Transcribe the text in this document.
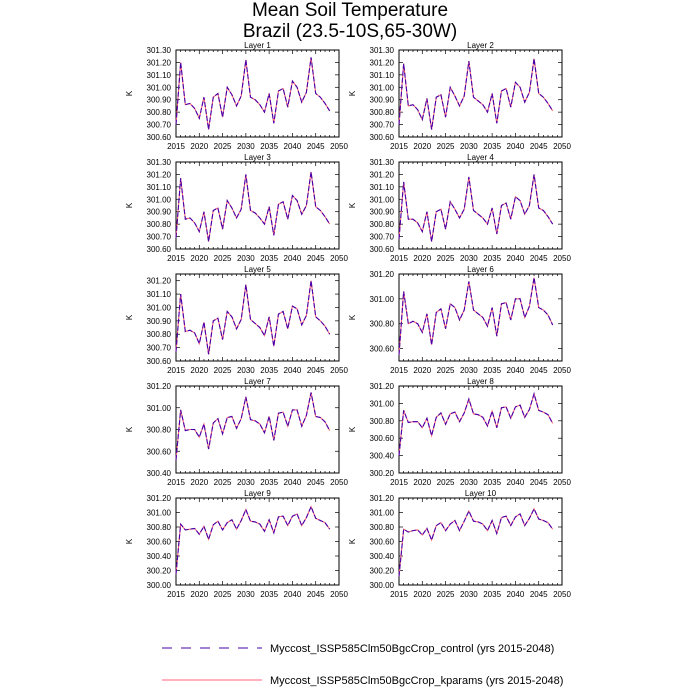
Mean Soil Temperature
Brazil (23.5-10S,65-30W)
Layer 1
K
2015 2020 2025 2030 2035 2040 2045 2050
300.60
300.70
300.80
300.90
301.00
301.10
301.20
301.30
Layer 2
K
2015 2020 2025 2030 2035 2040 2045 2050
300.60
300.70
300.80
300.90
301.00
301.10
301.20
301.30
Layer 3
K
2015 2020 2025 2030 2035 2040 2045 2050
300.60
300.70
300.80
300.90
301.00
301.10
301.20
301.30
Layer 4
K
2015 2020 2025 2030 2035 2040 2045 2050
300.60
300.70
300.80
300.90
301.00
301.10
301.20
301.30
Layer 5
K
2015 2020 2025 2030 2035 2040 2045 2050
300.60
300.70
300.80
300.90
301.00
301.10
301.20
Layer 6
K
2015 2020 2025 2030 2035 2040 2045 2050
300.60
300.80
301.00
301.20
Layer 7
K
2015 2020 2025 2030 2035 2040 2045 2050
300.40
300.60
300.80
301.00
301.20
Layer 8
K
2015 2020 2025 2030 2035 2040 2045 2050
300.20
300.40
300.60
300.80
301.00
301.20
Layer 9
K
2015 2020 2025 2030 2035 2040 2045 2050
300.00
300.20
300.40
300.60
300.80
301.00
301.20
Layer 10
K
2015 2020 2025 2030 2035 2040 2045 2050
300.00
300.20
300.40
300.60
300.80
301.00
301.20
Myccost_ISSP585Clm50BgcCrop_control (yrs 2015-2048)
Myccost_ISSP585Clm50BgcCrop_kparams (yrs 2015-2048)
